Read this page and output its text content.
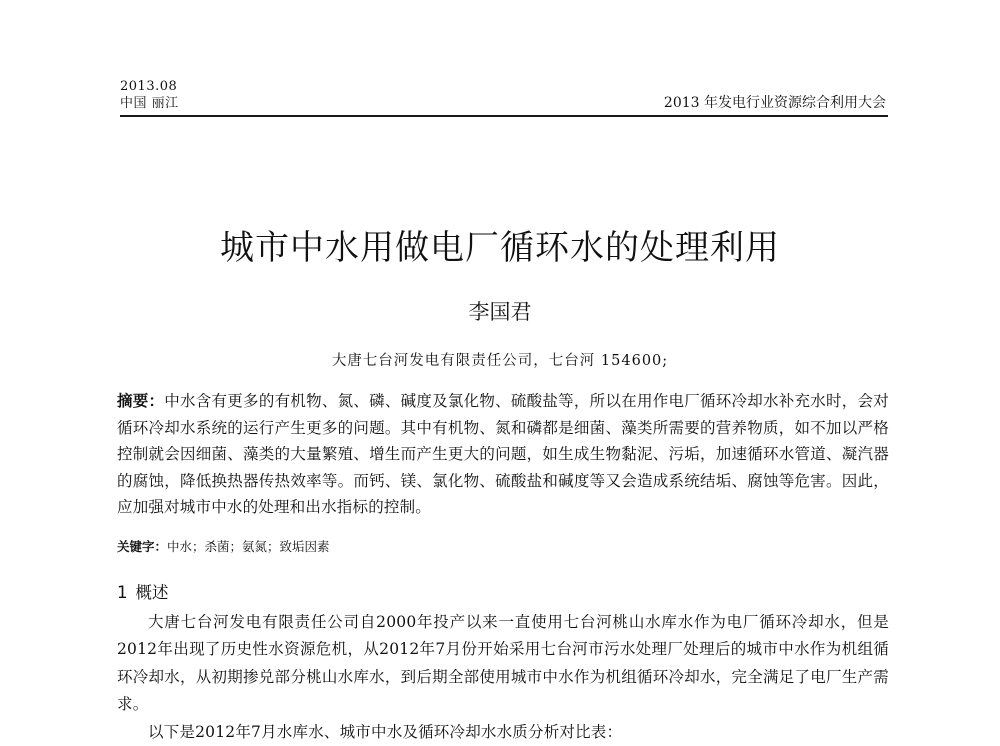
2013.08
中国 丽江	2013 年发电行业资源综合利用大会
城市中水用做电厂循环水的处理利用
李国君
大唐七台河发电有限责任公司，七台河 154600;
摘要：中水含有更多的有机物、氮、磷、碱度及氯化物、硫酸盐等，所以在用作电厂循环冷却水补充水时，会对循环冷却水系统的运行产生更多的问题。其中有机物、氮和磷都是细菌、藻类所需要的营养物质，如不加以严格控制就会因细菌、藻类的大量繁殖、增生而产生更大的问题，如生成生物黏泥、污垢，加速循环水管道、凝汽器的腐蚀，降低换热器传热效率等。而钙、镁、氯化物、硫酸盐和碱度等又会造成系统结垢、腐蚀等危害。因此，应加强对城市中水的处理和出水指标的控制。
关键字：中水；杀菌；氨氮；致垢因素
1 概述

大唐七台河发电有限责任公司自2000年投产以来一直使用七台河桃山水库水作为电厂循环冷却水，但是2012年出现了历史性水资源危机，从2012年7月份开始采用七台河市污水处理厂处理后的城市中水作为机组循环冷却水，从初期掺兑部分桃山水库水，到后期全部使用城市中水作为机组循环冷却水，完全满足了电厂生产需求。

以下是2012年7月水库水、城市中水及循环冷却水水质分析对比表：
